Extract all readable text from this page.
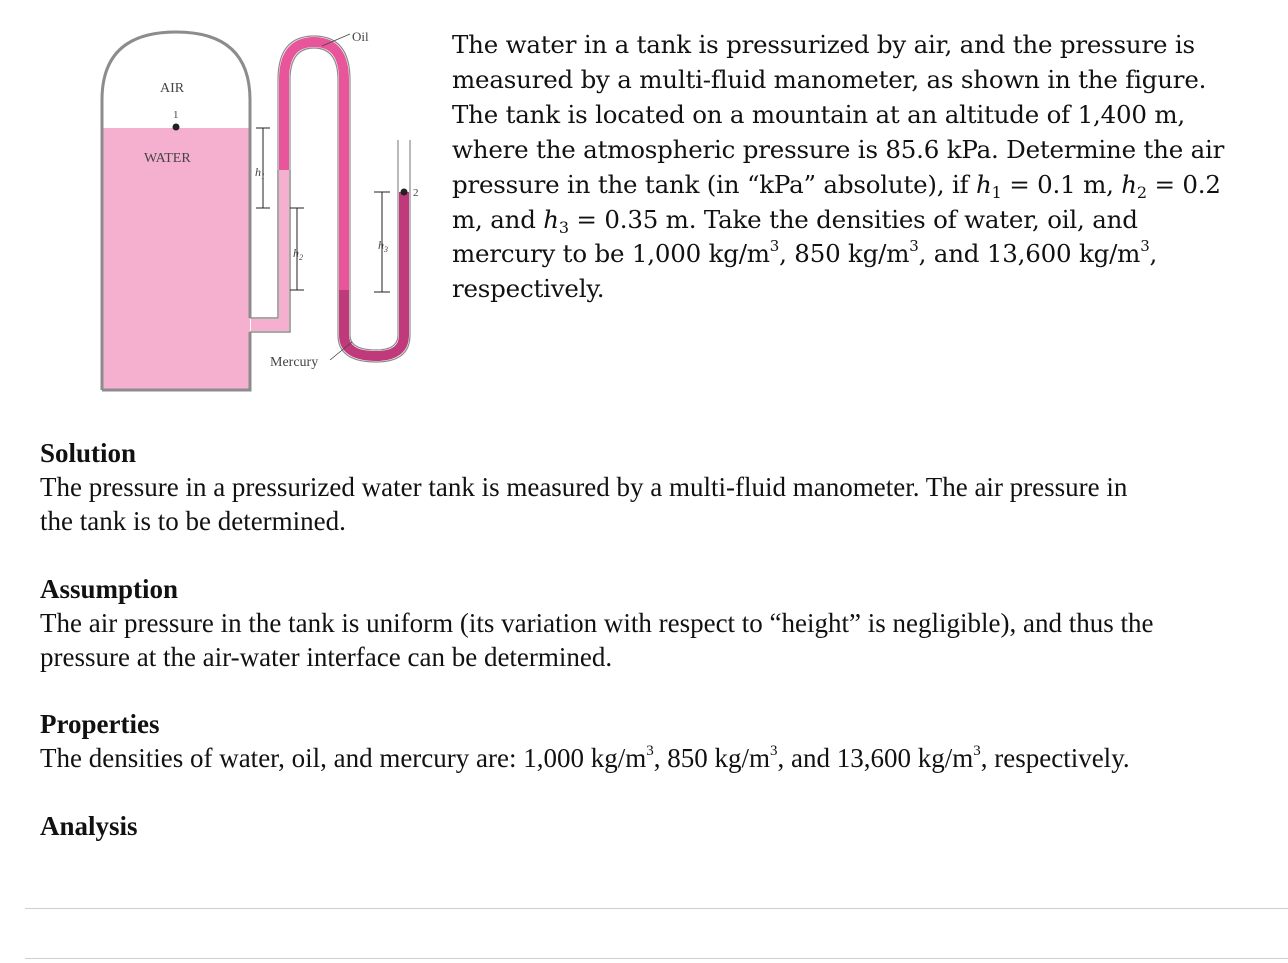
AIR
1
WATER
Oil
Mercury
2
$h_1$
$h_2$
$h_3$
The water in a tank is pressurized by air, and the pressure is
measured by a multi-fluid manometer, as shown in the figure.
The tank is located on a mountain at an altitude of 1,400 m,
where the atmospheric pressure is 85.6 kPa. Determine the air
pressure in the tank (in “kPa” absolute), if $h_1 = 0.1$ m, $h_2 = 0.2$
m, and $h_3 = 0.35$ m. Take the densities of water, oil, and
mercury to be 1,000 $kg/m^3$, 850 $kg/m^3$, and 13,600 $kg/m^3$,
respectively.
Solution
The pressure in a pressurized water tank is measured by a multi-fluid manometer. The air pressure in
the tank is to be determined.
Assumption
The air pressure in the tank is uniform (its variation with respect to “height” is negligible), and thus the
pressure at the air-water interface can be determined.
Properties
The densities of water, oil, and mercury are: 1,000 $kg/m^3$, 850 $kg/m^3$, and 13,600 $kg/m^3$, respectively.
Analysis
